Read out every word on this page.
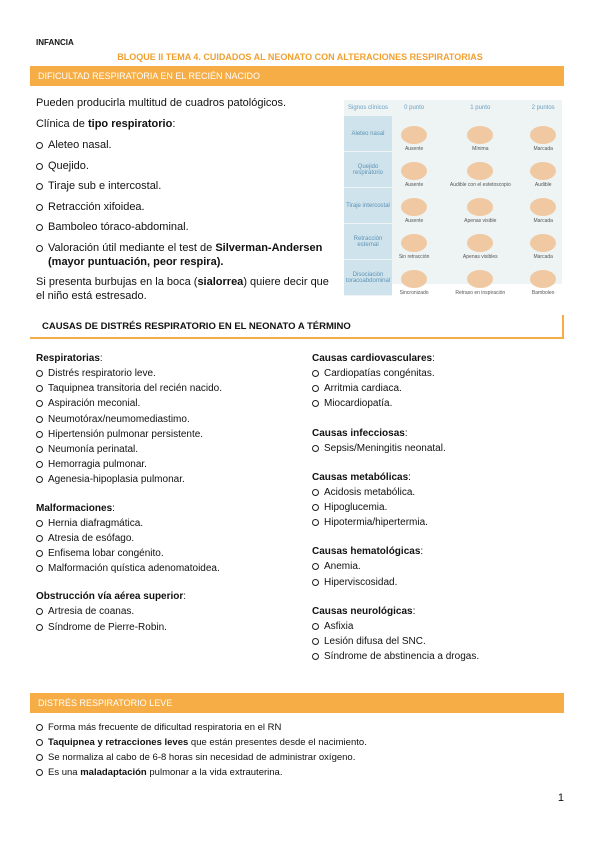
INFANCIA
BLOQUE II TEMA 4. CUIDADOS AL NEONATO CON ALTERACIONES RESPIRATORIAS
DIFICULTAD RESPIRATORIA EN EL RECIÉN NACIDO
Pueden producirla multitud de cuadros patológicos.
Clínica de tipo respiratorio:
Aleteo nasal.
Quejido.
Tiraje sub e intercostal.
Retracción xifoidea.
Bamboleo tóraco-abdominal.
Valoración útil mediante el test de Silverman-Andersen (mayor puntuación, peor respira).
Si presenta burbujas en la boca (sialorrea) quiere decir que el niño está estresado.
Signos clínicos	0 punto	1 punto	2 puntos
Aleteo nasal	Ausente	Mínima	Marcada

Quejido respiratorio	Ausente	Audible con el estetoscopio	Audible

Tiraje intercostal	Ausente	Apenas visible	Marcada

Retracción esternal	Sin retracción	Apenas visibles	Marcada

Disociación toracoabdominal	Sincronizado	Retraso en inspiración	Bamboleo
CAUSAS DE DISTRÉS RESPIRATORIO EN EL NEONATO A TÉRMINO
Respiratorias:
Distrés respiratorio leve.
Taquipnea transitoria del recién nacido.
Aspiración meconial.
Neumotórax/neumomediastimo.
Hipertensión pulmonar persistente.
Neumonía perinatal.
Hemorragia pulmonar.
Agenesia-hipoplasia pulmonar.
Malformaciones:
Hernia diafragmática.
Atresia de esófago.
Enfisema lobar congénito.
Malformación quística adenomatoidea.
Obstrucción vía aérea superior:
Artresia de coanas.
Síndrome de Pierre-Robin.
Causas cardiovasculares:
Cardiopatías congénitas.
Arritmia cardiaca.
Miocardiopatía.
Causas infecciosas:
Sepsis/Meningitis neonatal.
Causas metabólicas:
Acidosis metabólica.
Hipoglucemia.
Hipotermia/hipertermia.
Causas hematológicas:
Anemia.
Hiperviscosidad.
Causas neurológicas:
Asfixia
Lesión difusa del SNC.
Síndrome de abstinencia a drogas.
DISTRÉS RESPIRATORIO LEVE
Forma más frecuente de dificultad respiratoria en el RN
Taquipnea y retracciones leves que están presentes desde el nacimiento.
Se normaliza al cabo de 6-8 horas sin necesidad de administrar oxígeno.
Es una maladaptación pulmonar a la vida extrauterina.
1
